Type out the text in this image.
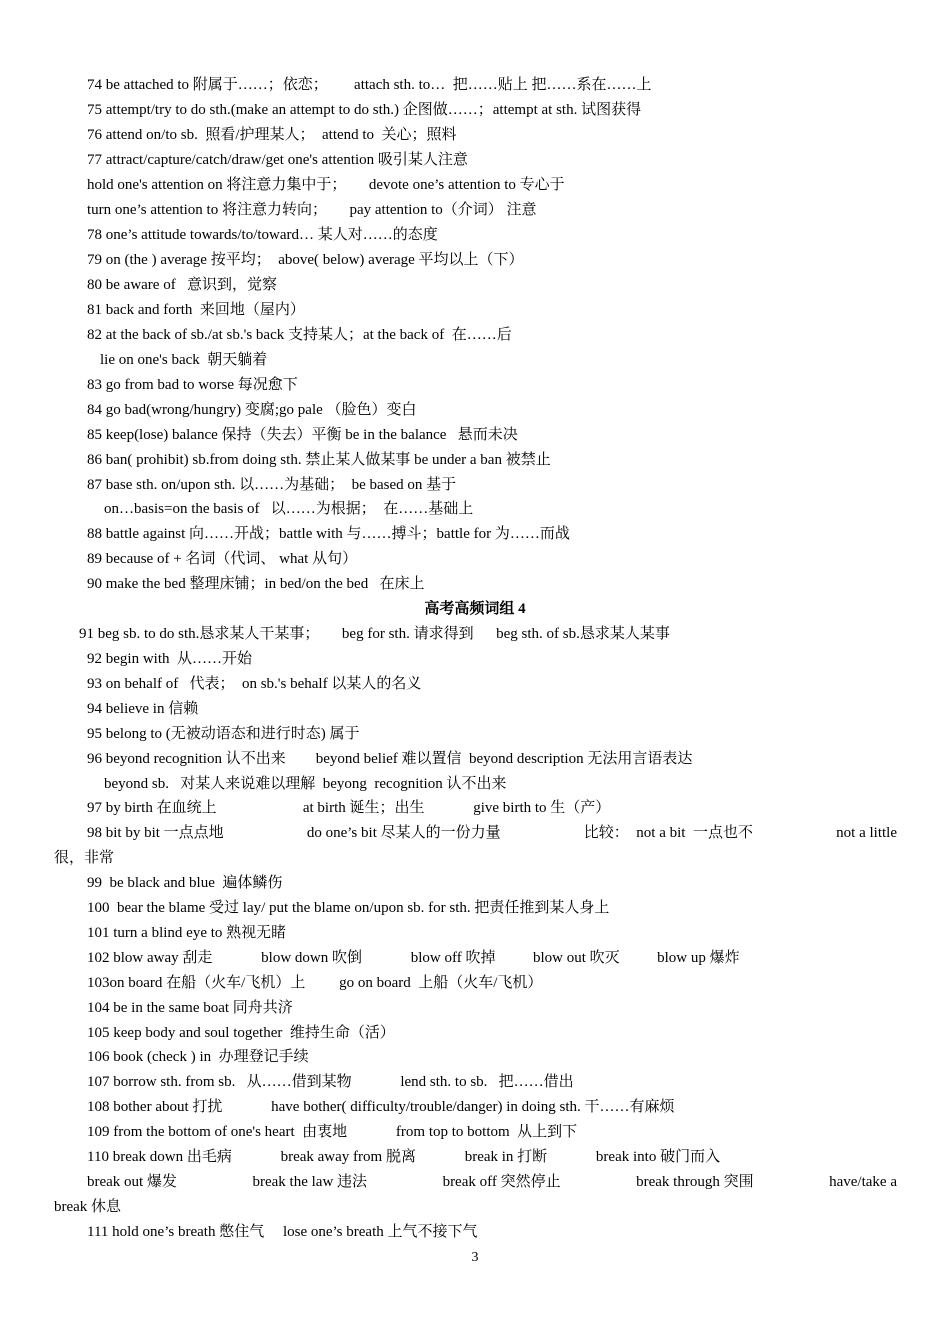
74 be attached to 附属于……；依恋；       attach sth. to…  把……贴上 把……系在……上
75 attempt/try to do sth.(make an attempt to do sth.) 企图做……；attempt at sth. 试图获得
76 attend on/to sb.  照看/护理某人；  attend to  关心；照料
77 attract/capture/catch/draw/get one's attention 吸引某人注意
hold one's attention on 将注意力集中于；      devote one’s attention to 专心于
turn one’s attention to 将注意力转向；      pay attention to（介词） 注意
78 one’s attitude towards/to/toward… 某人对……的态度
79 on (the ) average 按平均；  above( below) average 平均以上（下）
80 be aware of   意识到，觉察
81 back and forth  来回地（屋内）
82 at the back of sb./at sb.'s back 支持某人；at the back of  在……后
lie on one's back  朝天躺着
83 go from bad to worse 每况愈下
84 go bad(wrong/hungry) 变腐;go pale （脸色）变白
85 keep(lose) balance 保持（失去）平衡 be in the balance   悬而未决
86 ban( prohibit) sb.from doing sth. 禁止某人做某事 be under a ban 被禁止
87 base sth. on/upon sth. 以……为基础；  be based on 基于
on…basis=on the basis of   以……为根据；  在……基础上
88 battle against 向……开战；battle with 与……搏斗；battle for 为……而战
89 because of + 名词（代词、 what 从句）
90 make the bed 整理床铺；in bed/on the bed   在床上
高考高频词组 4
91 beg sb. to do sth.恳求某人干某事；      beg for sth. 请求得到      beg sth. of sb.恳求某人某事
92 begin with  从……开始
93 on behalf of   代表；  on sb.'s behalf 以某人的名义
94 believe in 信赖
95 belong to (无被动语态和进行时态) 属于
96 beyond recognition 认不出来        beyond belief 难以置信  beyond description 无法用言语表达
beyond sb.   对某人来说难以理解  beyong  recognition 认不出来
97 by birth 在血统上                       at birth 诞生；出生             give birth to 生（产）
98 bit by bit 一点点地	do one’s bit 尽某人的一份力量	比较：  not a bit  一点也不	not a little
很，非常
99  be black and blue  遍体鳞伤
100  bear the blame 受过 lay/ put the blame on/upon sb. for sth. 把责任推到某人身上
101 turn a blind eye to 熟视无睹
102 blow away 刮走             blow down 吹倒             blow off 吹掉          blow out 吹灭          blow up 爆炸
103on board 在船（火车/飞机）上         go on board  上船（火车/飞机）
104 be in the same boat 同舟共济
105 keep body and soul together  维持生命（活）
106 book (check ) in  办理登记手续
107 borrow sth. from sb.   从……借到某物             lend sth. to sb.   把……借出
108 bother about 打扰             have bother( difficulty/trouble/danger) in doing sth. 干……有麻烦
109 from the bottom of one's heart  由衷地             from top to bottom  从上到下
110 break down 出毛病             break away from 脱离             break in 打断             break into 破门而入
break out 爆发	break the law 违法	break off 突然停止	break through 突围	have/take a
break 休息
111 hold one’s breath 憋住气     lose one’s breath 上气不接下气
3
